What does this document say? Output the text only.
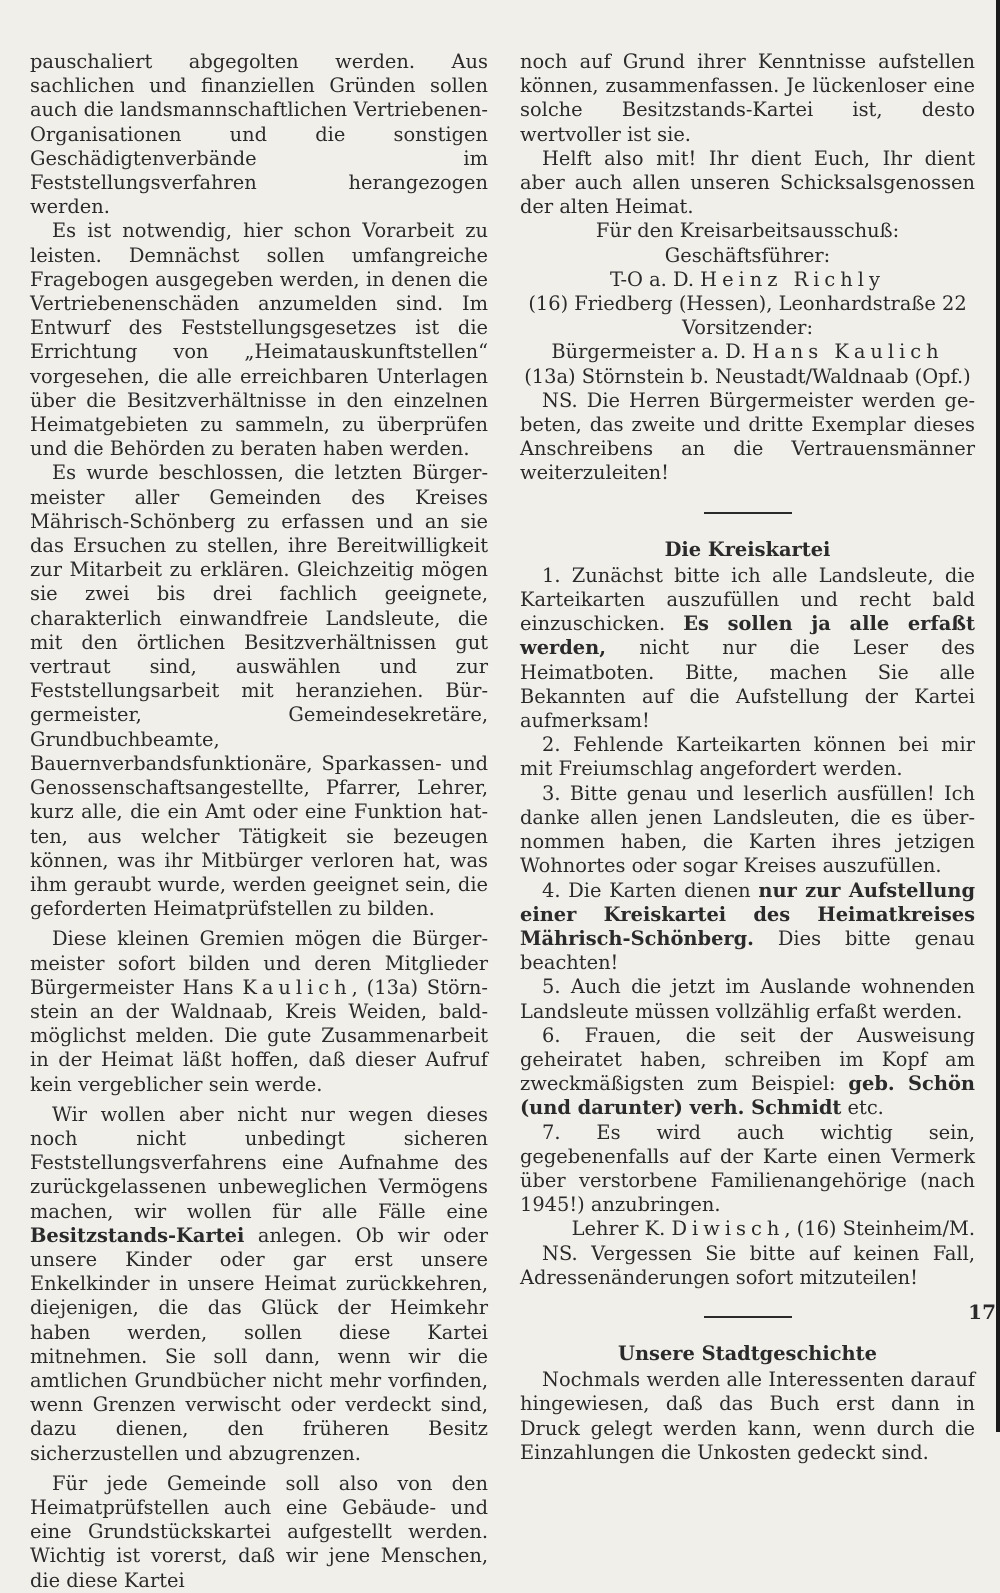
pauschaliert abgegolten werden. Aus sachlichen und finanziellen Gründen sollen auch die landsmannschaftlichen Vertriebenen-Organisationen und die sonstigen Geschädigtenverbände im Feststellungsverfahren herangezogen werden.

Es ist notwendig, hier schon Vorarbeit zu leisten. Demnächst sollen umfangreiche Fragebogen ausgegeben werden, in denen die Vertriebenenschäden anzumelden sind. Im Entwurf des Feststellungsgesetzes ist die Errichtung von „Heimatauskunftstellen“ vorgesehen, die alle erreichbaren Unterlagen über die Besitzverhältnisse in den einzelnen Heimatgebieten zu sammeln, zu überprüfen und die Behörden zu beraten haben werden.

Es wurde beschlossen, die letzten Bürgermeister aller Gemeinden des Kreises Mährisch-Schönberg zu erfassen und an sie das Ersuchen zu stellen, ihre Bereitwilligkeit zur Mitarbeit zu erklären. Gleichzeitig mögen sie zwei bis drei fachlich geeignete, charakterlich einwandfreie Landsleute, die mit den örtlichen Besitzverhältnissen gut vertraut sind, auswählen und zur Feststellungsarbeit mit heranziehen. Bürgermeister, Gemeindesekretäre, Grundbuchbeamte, Bauernverbandsfunktionäre, Sparkassen- und Genossenschaftsangestellte, Pfarrer, Lehrer, kurz alle, die ein Amt oder eine Funktion hatten, aus welcher Tätigkeit sie bezeugen können, was ihr Mitbürger verloren hat, was ihm geraubt wurde, werden geeignet sein, die geforderten Heimatprüfstellen zu bilden.

Diese kleinen Gremien mögen die Bürgermeister sofort bilden und deren Mitglieder Bürgermeister Hans Kaulich, (13a) Störnstein an der Waldnaab, Kreis Weiden, baldmöglichst melden. Die gute Zusammenarbeit in der Heimat läßt hoffen, daß dieser Aufruf kein vergeblicher sein werde.

Wir wollen aber nicht nur wegen dieses noch nicht unbedingt sicheren Feststellungsverfahrens eine Aufnahme des zurückgelassenen unbeweglichen Vermögens machen, wir wollen für alle Fälle eine Besitzstands-Kartei anlegen. Ob wir oder unsere Kinder oder gar erst unsere Enkelkinder in unsere Heimat zurückkehren, diejenigen, die das Glück der Heimkehr haben werden, sollen diese Kartei mitnehmen. Sie soll dann, wenn wir die amtlichen Grundbücher nicht mehr vorfinden, wenn Grenzen verwischt oder verdeckt sind, dazu dienen, den früheren Besitz sicherzustellen und abzugrenzen.

Für jede Gemeinde soll also von den Heimatprüfstellen auch eine Gebäude- und eine Grundstückskartei aufgestellt werden. Wichtig ist vorerst, daß wir jene Menschen, die diese Kartei

noch auf Grund ihrer Kenntnisse aufstellen können, zusammenfassen. Je lückenloser eine solche Besitzstands-Kartei ist, desto wertvoller ist sie.

Helft also mit! Ihr dient Euch, Ihr dient aber auch allen unseren Schicksalsgenossen der alten Heimat.

Für den Kreisarbeitsausschuß:

Geschäftsführer:

T-O a. D. Heinz Richly

(16) Friedberg (Hessen), Leonhardstraße 22

Vorsitzender:

Bürgermeister a. D. Hans Kaulich

(13a) Störnstein b. Neustadt/Waldnaab (Opf.)

NS. Die Herren Bürgermeister werden gebeten, das zweite und dritte Exemplar dieses Anschreibens an die Vertrauensmänner weiterzuleiten!

Die Kreiskartei

1. Zunächst bitte ich alle Landsleute, die Karteikarten auszufüllen und recht bald einzuschicken. Es sollen ja alle erfaßt werden, nicht nur die Leser des Heimatboten. Bitte, machen Sie alle Bekannten auf die Aufstellung der Kartei aufmerksam!

2. Fehlende Karteikarten können bei mir mit Freiumschlag angefordert werden.

3. Bitte genau und leserlich ausfüllen! Ich danke allen jenen Landsleuten, die es übernommen haben, die Karten ihres jetzigen Wohnortes oder sogar Kreises auszufüllen.

4. Die Karten dienen nur zur Aufstellung einer Kreiskartei des Heimatkreises Mährisch-Schönberg. Dies bitte genau beachten!

5. Auch die jetzt im Auslande wohnenden Landsleute müssen vollzählig erfaßt werden.

6. Frauen, die seit der Ausweisung geheiratet haben, schreiben im Kopf am zweckmäßigsten zum Beispiel: geb. Schön (und darunter) verh. Schmidt etc.

7. Es wird auch wichtig sein, gegebenenfalls auf der Karte einen Vermerk über verstorbene Familienangehörige (nach 1945!) anzubringen.

Lehrer K. Diwisch, (16) Steinheim/M.

NS. Vergessen Sie bitte auf keinen Fall, Adressenänderungen sofort mitzuteilen!

Unsere Stadtgeschichte

Nochmals werden alle Interessenten darauf hingewiesen, daß das Buch erst dann in Druck gelegt werden kann, wenn durch die Einzahlungen die Unkosten gedeckt sind.

17
